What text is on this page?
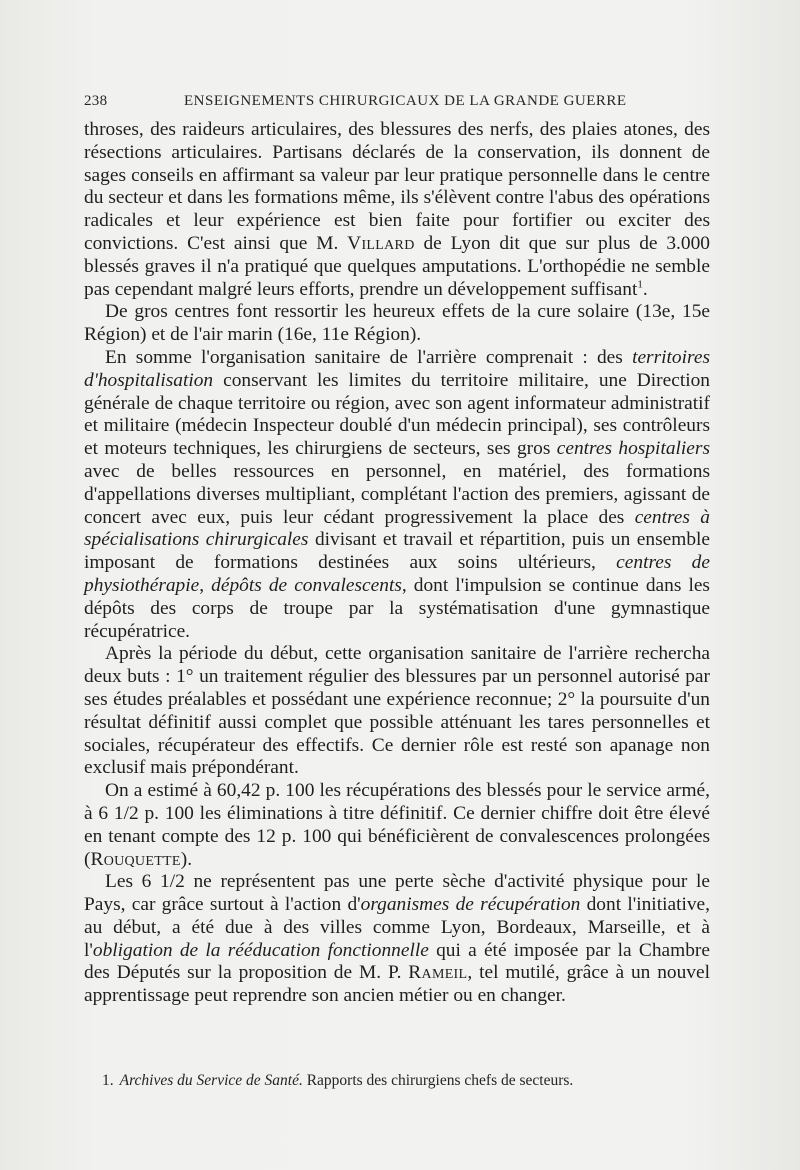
238	ENSEIGNEMENTS CHIRURGICAUX DE LA GRANDE GUERRE

throses, des raideurs articulaires, des blessures des nerfs, des plaies atones, des résections articulaires. Partisans déclarés de la conservation, ils donnent de sages conseils en affirmant sa valeur par leur pratique personnelle dans le centre du secteur et dans les formations même, ils s'élèvent contre l'abus des opérations radicales et leur expérience est bien faite pour fortifier ou exciter des convictions. C'est ainsi que M. Villard de Lyon dit que sur plus de 3.000 blessés graves il n'a pratiqué que quelques amputations. L'orthopédie ne semble pas cependant malgré leurs efforts, prendre un développement suffisant$^1$.

De gros centres font ressortir les heureux effets de la cure solaire (13e, 15e Région) et de l'air marin (16e, 11e Région).

En somme l'organisation sanitaire de l'arrière comprenait : des territoires d'hospitalisation conservant les limites du territoire militaire, une Direction générale de chaque territoire ou région, avec son agent informateur administratif et militaire (médecin Inspecteur doublé d'un médecin principal), ses contrôleurs et moteurs techniques, les chirurgiens de secteurs, ses gros centres hospitaliers avec de belles ressources en personnel, en matériel, des formations d'appellations diverses multipliant, complétant l'action des premiers, agissant de concert avec eux, puis leur cédant progressivement la place des centres à spécialisations chirurgicales divisant et travail et répartition, puis un ensemble imposant de formations destinées aux soins ultérieurs, centres de physiothérapie, dépôts de convalescents, dont l'impulsion se continue dans les dépôts des corps de troupe par la systématisation d'une gymnastique récupératrice.

Après la période du début, cette organisation sanitaire de l'arrière rechercha deux buts : 1° un traitement régulier des blessures par un personnel autorisé par ses études préalables et possédant une expérience reconnue; 2° la poursuite d'un résultat définitif aussi complet que possible atténuant les tares personnelles et sociales, récupérateur des effectifs. Ce dernier rôle est resté son apanage non exclusif mais prépondérant.

On a estimé à 60,42 p. 100 les récupérations des blessés pour le service armé, à 6 1/2 p. 100 les éliminations à titre définitif. Ce dernier chiffre doit être élevé en tenant compte des 12 p. 100 qui bénéficièrent de convalescences prolongées (Rouquette).

Les 6 1/2 ne représentent pas une perte sèche d'activité physique pour le Pays, car grâce surtout à l'action d'organismes de récupération dont l'initiative, au début, a été due à des villes comme Lyon, Bordeaux, Marseille, et à l'obligation de la rééducation fonctionnelle qui a été imposée par la Chambre des Députés sur la proposition de M. P. Rameil, tel mutilé, grâce à un nouvel apprentissage peut reprendre son ancien métier ou en changer.

1. Archives du Service de Santé. Rapports des chirurgiens chefs de secteurs.
